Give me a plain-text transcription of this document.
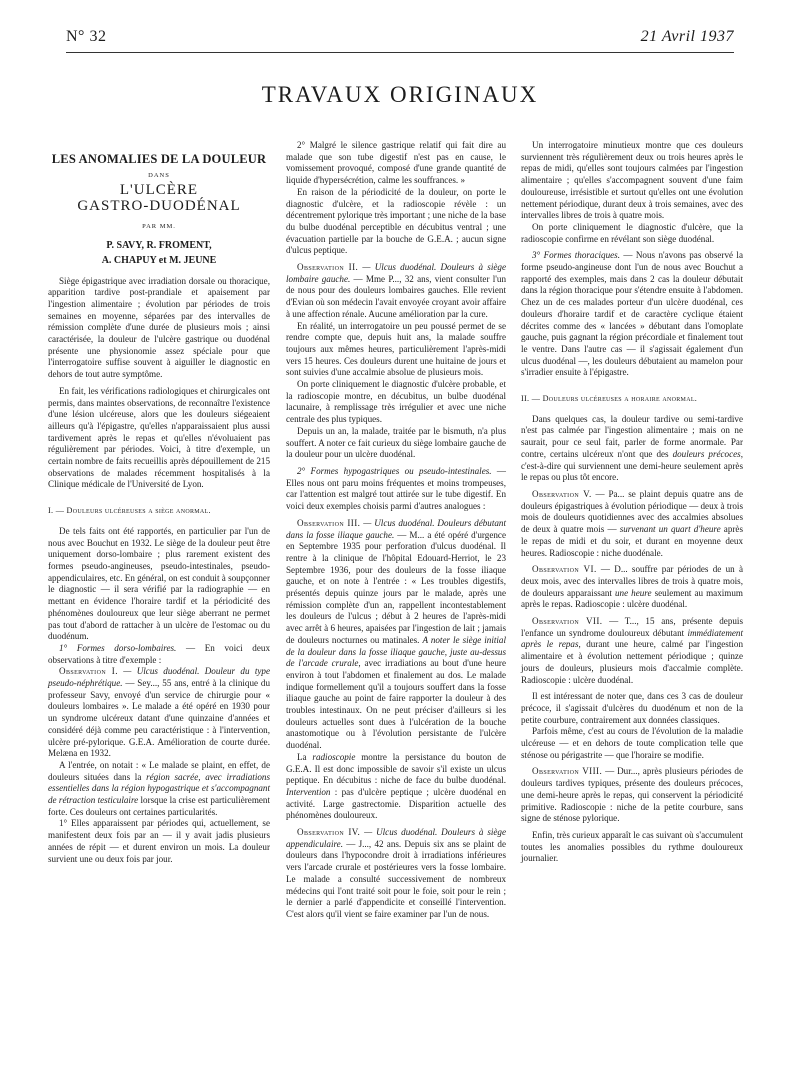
N° 32	21 Avril 1937
TRAVAUX ORIGINAUX
LES ANOMALIES DE LA DOULEUR
DANS
L'ULCÈRE
GASTRO-DUODÉNAL
PAR MM.
P. SAVY, R. FROMENT,
A. CHAPUY et M. JEUNE

Siège épigastrique avec irradiation dorsale ou thoracique, apparition tardive post-prandiale et apaisement par l'ingestion alimentaire ; évolution par périodes de trois semaines en moyenne, séparées par des intervalles de rémission complète d'une durée de plusieurs mois ; ainsi caractérisée, la douleur de l'ulcère gastrique ou duodénal présente une physionomie assez spéciale pour que l'interrogatoire suffise souvent à aiguiller le diagnostic en dehors de tout autre symptôme.

En fait, les vérifications radiologiques et chirurgicales ont permis, dans maintes observations, de reconnaître l'existence d'une lésion ulcéreuse, alors que les douleurs siégeaient ailleurs qu'à l'épigastre, qu'elles n'apparaissaient plus aussi tardivement après le repas et qu'elles n'évoluaient pas régulièrement par périodes. Voici, à titre d'exemple, un certain nombre de faits recueillis après dépouillement de 215 observations de malades récemment hospitalisés à la Clinique médicale de l'Université de Lyon.

I. — Douleurs ulcéreuses a siège anormal.

De tels faits ont été rapportés, en particulier par l'un de nous avec Bouchut en 1932. Le siège de la douleur peut être uniquement dorso-lombaire ; plus rarement existent des formes pseudo-angineuses, pseudo-intestinales, pseudo-appendiculaires, etc. En général, on est conduit à soupçonner le diagnostic — il sera vérifié par la radiographie — en mettant en évidence l'horaire tardif et la périodicité des phénomènes douloureux que leur siège aberrant ne permet pas tout d'abord de rattacher à un ulcère de l'estomac ou du duodénum.

1° Formes dorso-lombaires. — En voici deux observations à titre d'exemple :

Observation I. — Ulcus duodénal. Douleur du type pseudo-néphrétique. — Sey..., 55 ans, entré à la clinique du professeur Savy, envoyé d'un service de chirurgie pour « douleurs lombaires ». Le malade a été opéré en 1930 pour un syndrome ulcéreux datant d'une quinzaine d'années et considéré déjà comme peu caractéristique : à l'intervention, ulcère pré-pylorique. G.E.A. Amélioration de courte durée. Melæna en 1932.

A l'entrée, on notait : « Le malade se plaint, en effet, de douleurs situées dans la région sacrée, avec irradiations essentielles dans la région hypogastrique et s'accompagnant de rétraction testiculaire lorsque la crise est particulièrement forte. Ces douleurs ont certaines particularités.

1° Elles apparaissent par périodes qui, actuellement, se manifestent deux fois par an — il y avait jadis plusieurs années de répit — et durent environ un mois. La douleur survient une ou deux fois par jour.

2° Malgré le silence gastrique relatif qui fait dire au malade que son tube digestif n'est pas en cause, le vomissement provoqué, composé d'une grande quantité de liquide d'hypersécrétion, calme les souffrances. »

En raison de la périodicité de la douleur, on porte le diagnostic d'ulcère, et la radioscopie révèle : un décentrement pylorique très important ; une niche de la base du bulbe duodénal perceptible en décubitus ventral ; une évacuation partielle par la bouche de G.E.A. ; aucun signe d'ulcus peptique.

Observation II. — Ulcus duodénal. Douleurs à siège lombaire gauche. — Mme P..., 32 ans, vient consulter l'un de nous pour des douleurs lombaires gauches. Elle revient d'Evian où son médecin l'avait envoyée croyant avoir affaire à une affection rénale. Aucune amélioration par la cure.

En réalité, un interrogatoire un peu poussé permet de se rendre compte que, depuis huit ans, la malade souffre toujours aux mêmes heures, particulièrement l'après-midi vers 15 heures. Ces douleurs durent une huitaine de jours et sont suivies d'une accalmie absolue de plusieurs mois.

On porte cliniquement le diagnostic d'ulcère probable, et la radioscopie montre, en décubitus, un bulbe duodénal lacunaire, à remplissage très irrégulier et avec une niche centrale des plus typiques.

Depuis un an, la malade, traitée par le bismuth, n'a plus souffert. A noter ce fait curieux du siège lombaire gauche de la douleur pour un ulcère duodénal.

2° Formes hypogastriques ou pseudo-intestinales. — Elles nous ont paru moins fréquentes et moins trompeuses, car l'attention est malgré tout attirée sur le tube digestif. En voici deux exemples choisis parmi d'autres analogues :

Observation III. — Ulcus duodénal. Douleurs débutant dans la fosse iliaque gauche. — M... a été opéré d'urgence en Septembre 1935 pour perforation d'ulcus duodénal. Il rentre à la clinique de l'hôpital Edouard-Herriot, le 23 Septembre 1936, pour des douleurs de la fosse iliaque gauche, et on note à l'entrée : « Les troubles digestifs, présentés depuis quinze jours par le malade, après une rémission complète d'un an, rappellent incontestablement les douleurs de l'ulcus ; début à 2 heures de l'après-midi avec arrêt à 6 heures, apaisées par l'ingestion de lait ; jamais de douleurs nocturnes ou matinales. A noter le siège initial de la douleur dans la fosse iliaque gauche, juste au-dessus de l'arcade crurale, avec irradiations au bout d'une heure environ à tout l'abdomen et finalement au dos. Le malade indique formellement qu'il a toujours souffert dans la fosse iliaque gauche au point de faire rapporter la douleur à des troubles intestinaux. On ne peut préciser d'ailleurs si les douleurs actuelles sont dues à l'ulcération de la bouche anastomotique ou à l'évolution persistante de l'ulcère duodénal.

La radioscopie montre la persistance du bouton de G.E.A. Il est donc impossible de savoir s'il existe un ulcus peptique. En décubitus : niche de face du bulbe duodénal. Intervention : pas d'ulcère peptique ; ulcère duodénal en activité. Large gastrectomie. Disparition actuelle des phénomènes douloureux.

Observation IV. — Ulcus duodénal. Douleurs à siège appendiculaire. — J..., 42 ans. Depuis six ans se plaint de douleurs dans l'hypocondre droit à irradiations inférieures vers l'arcade crurale et postérieures vers la fosse lombaire. Le malade a consulté successivement de nombreux médecins qui l'ont traité soit pour le foie, soit pour le rein ; le dernier a parlé d'appendicite et conseillé l'intervention. C'est alors qu'il vient se faire examiner par l'un de nous.

Un interrogatoire minutieux montre que ces douleurs surviennent très régulièrement deux ou trois heures après le repas de midi, qu'elles sont toujours calmées par l'ingestion alimentaire ; qu'elles s'accompagnent souvent d'une faim douloureuse, irrésistible et surtout qu'elles ont une évolution nettement périodique, durant deux à trois semaines, avec des intervalles libres de trois à quatre mois.

On porte cliniquement le diagnostic d'ulcère, que la radioscopie confirme en révélant son siège duodénal.

3° Formes thoraciques. — Nous n'avons pas observé la forme pseudo-angineuse dont l'un de nous avec Bouchut a rapporté des exemples, mais dans 2 cas la douleur débutait dans la région thoracique pour s'étendre ensuite à l'abdomen. Chez un de ces malades porteur d'un ulcère duodénal, ces douleurs d'horaire tardif et de caractère cyclique étaient décrites comme des « lancées » débutant dans l'omoplate gauche, puis gagnant la région précordiale et finalement tout le ventre. Dans l'autre cas — il s'agissait également d'un ulcus duodénal —, les douleurs débutaient au mamelon pour s'irradier ensuite à l'épigastre.

II. — Douleurs ulcéreuses a horaire anormal.

Dans quelques cas, la douleur tardive ou semi-tardive n'est pas calmée par l'ingestion alimentaire ; mais on ne saurait, pour ce seul fait, parler de forme anormale. Par contre, certains ulcéreux n'ont que des douleurs précoces, c'est-à-dire qui surviennent une demi-heure seulement après le repas ou plus tôt encore.

Observation V. — Pa... se plaint depuis quatre ans de douleurs épigastriques à évolution périodique — deux à trois mois de douleurs quotidiennes avec des accalmies absolues de deux à quatre mois — survenant un quart d'heure après le repas de midi et du soir, et durant en moyenne deux heures. Radioscopie : niche duodénale.

Observation VI. — D... souffre par périodes de un à deux mois, avec des intervalles libres de trois à quatre mois, de douleurs apparaissant une heure seulement au maximum après le repas. Radioscopie : ulcère duodénal.

Observation VII. — T..., 15 ans, présente depuis l'enfance un syndrome douloureux débutant immédiatement après le repas, durant une heure, calmé par l'ingestion alimentaire et à évolution nettement périodique ; quinze jours de douleurs, plusieurs mois d'accalmie complète. Radioscopie : ulcère duodénal.

Il est intéressant de noter que, dans ces 3 cas de douleur précoce, il s'agissait d'ulcères du duodénum et non de la petite courbure, contrairement aux données classiques.

Parfois même, c'est au cours de l'évolution de la maladie ulcéreuse — et en dehors de toute complication telle que sténose ou périgastrite — que l'horaire se modifie.

Observation VIII. — Dur..., après plusieurs périodes de douleurs tardives typiques, présente des douleurs précoces, une demi-heure après le repas, qui conservent la périodicité primitive. Radioscopie : niche de la petite courbure, sans signe de sténose pylorique.

Enfin, très curieux apparaît le cas suivant où s'accumulent toutes les anomalies possibles du rythme douloureux journalier.
